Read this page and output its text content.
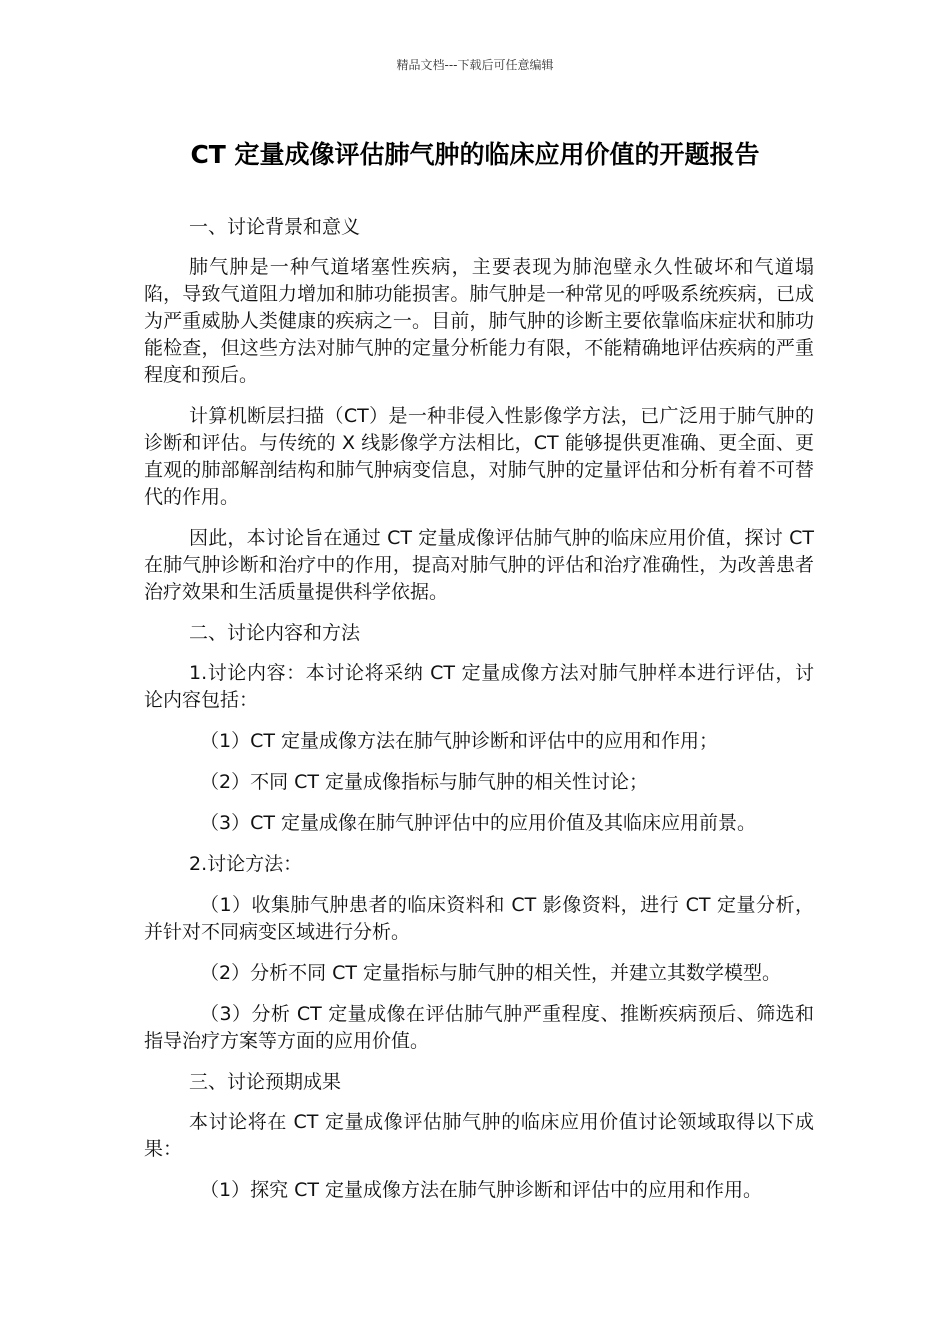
精品文档---下载后可任意编辑
CT 定量成像评估肺气肿的临床应用价值的开题报告

一、讨论背景和意义

肺气肿是一种气道堵塞性疾病，主要表现为肺泡壁永久性破坏和气道塌陷，导致气道阻力增加和肺功能损害。肺气肿是一种常见的呼吸系统疾病，已成为严重威胁人类健康的疾病之一。目前，肺气肿的诊断主要依靠临床症状和肺功能检查，但这些方法对肺气肿的定量分析能力有限，不能精确地评估疾病的严重程度和预后。

计算机断层扫描（CT）是一种非侵入性影像学方法，已广泛用于肺气肿的诊断和评估。与传统的 X 线影像学方法相比，CT 能够提供更准确、更全面、更直观的肺部解剖结构和肺气肿病变信息，对肺气肿的定量评估和分析有着不可替代的作用。

因此，本讨论旨在通过 CT 定量成像评估肺气肿的临床应用价值，探讨 CT 在肺气肿诊断和治疗中的作用，提高对肺气肿的评估和治疗准确性，为改善患者治疗效果和生活质量提供科学依据。

二、讨论内容和方法

1.讨论内容：本讨论将采纳 CT 定量成像方法对肺气肿样本进行评估，讨论内容包括：

（1）CT 定量成像方法在肺气肿诊断和评估中的应用和作用；

（2）不同 CT 定量成像指标与肺气肿的相关性讨论；

（3）CT 定量成像在肺气肿评估中的应用价值及其临床应用前景。

2.讨论方法：

（1）收集肺气肿患者的临床资料和 CT 影像资料，进行 CT 定量分析，并针对不同病变区域进行分析。

（2）分析不同 CT 定量指标与肺气肿的相关性，并建立其数学模型。

（3）分析 CT 定量成像在评估肺气肿严重程度、推断疾病预后、筛选和指导治疗方案等方面的应用价值。

三、讨论预期成果

本讨论将在 CT 定量成像评估肺气肿的临床应用价值讨论领域取得以下成果：

（1）探究 CT 定量成像方法在肺气肿诊断和评估中的应用和作用。
